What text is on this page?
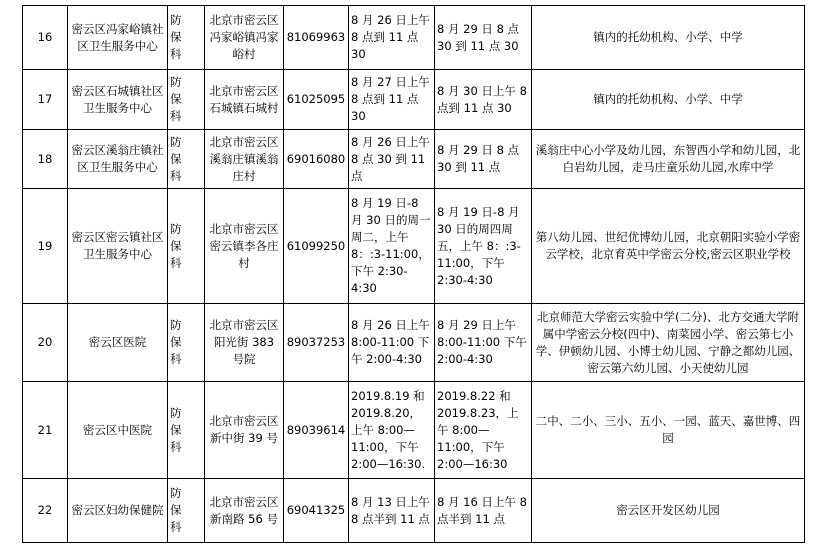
16	密云区冯家峪镇社区卫生服务中心	防
保
科	北京市密云区冯家峪镇冯家峪村	81069963	8 月 26 日上午 8 点到 11 点 30	8 月 29 日 8 点 30 到 11 点 30	镇内的托幼机构、小学、中学
17	密云区石城镇社区卫生服务中心	防
保
科	北京市密云区石城镇石城村	61025095	8 月 27 日上午 8 点到 11 点 30	8 月 30 日上午 8 点到 11 点 30	镇内的托幼机构、小学、中学
18	密云区溪翁庄镇社区卫生服务中心	防
保
科	北京市密云区溪翁庄镇溪翁庄村	69016080	8 月 26 日上午 8 点 30 到 11 点	8 月 29 日 8 点 30 到 11 点	溪翁庄中心小学及幼儿园，东智西小学和幼儿园，北白岩幼儿园，走马庄童乐幼儿园,水库中学
19	密云区密云镇社区卫生服务中心	防
保
科	北京市密云区密云镇李各庄村	61099250	8 月 19 日-8 月 30 日的周一周二，上午 8：:3-11:00，下午 2:30-4:30	8 月 19 日-8 月 30 日的周四周五，上午 8：:3-11:00，下午 2:30-4:30	第八幼儿园、世纪优博幼儿园，北京朝阳实验小学密云学校，北京育英中学密云分校,密云区职业学校
20	密云区医院	防
保
科	北京市密云区阳光街 383 号院	89037253	8 月 26 日上午 8:00-11:00 下午 2:00-4:30	8 月 29 日上午 8:00-11:00 下午 2:00-4:30	北京师范大学密云实验中学(二分)、北方交通大学附属中学密云分校(四中)、南菜园小学、密云第七小学、伊顿幼儿园、小博士幼儿园、宁静之都幼儿园、密云第六幼儿园、小天使幼儿园
21	密云区中医院	防
保
科	北京市密云区新中街 39 号	89039614	2019.8.19 和 2019.8.20，上午 8:00—11:00，下午 2:00—16:30.	2019.8.22 和 2019.8.23，上午 8:00—11:00，下午 2:00—16:30	二中、二小、三小、五小、一园、蓝天、嘉世博、四园
22	密云区妇幼保健院	防
保
科	北京市密云区新南路 56 号	69041325	8 月 13 日上午 8 点半到 11 点	8 月 16 日上午 8 点半到 11 点	密云区开发区幼儿园
